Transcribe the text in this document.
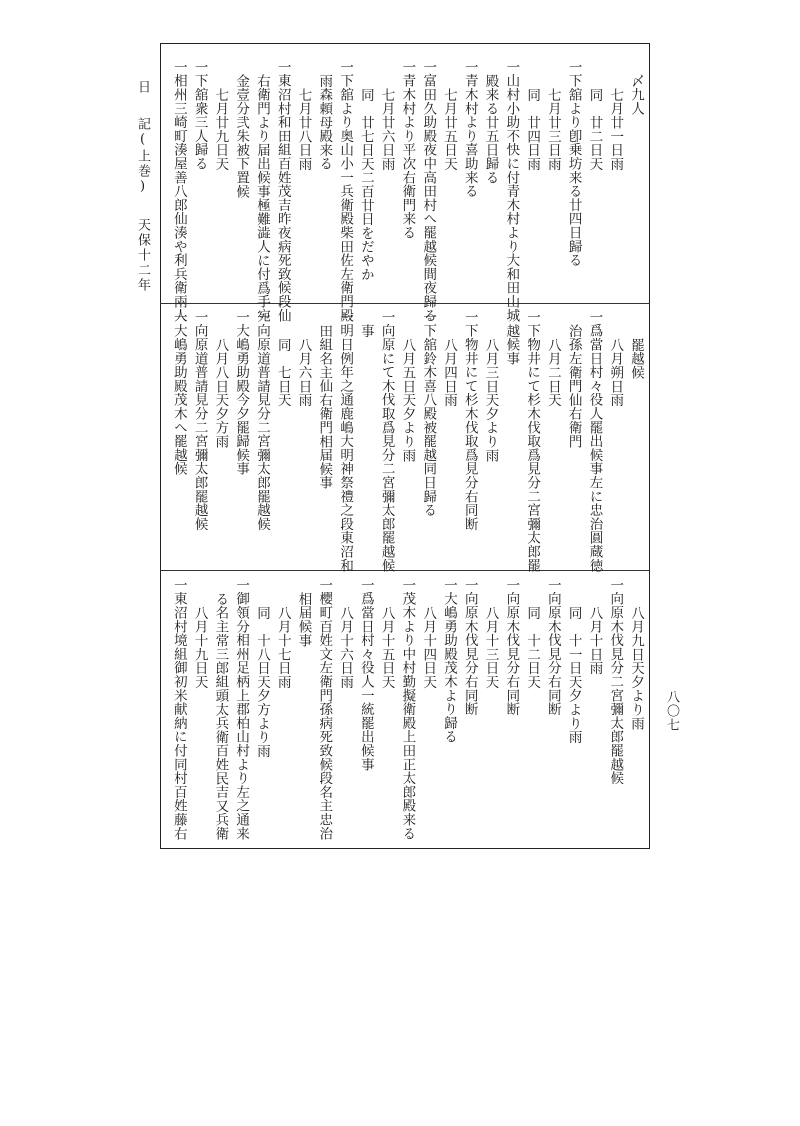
日記(上巻)天保十二年
八〇七
〆九人
七月廿一日雨
同　廿二日天
一下舘より卽乗坊来る廿四日歸る
七月廿三日雨
同　廿四日雨
一山村小助不快に付青木村より大和田山城
殿来る廿五日歸る
一青木村より喜助来る
七月廿五日天
一富田久助殿夜中高田村へ罷越候間夜歸る
一青木村より平次右衛門来る
七月廿六日雨
同　廿七日天二百廿日をだやか
一下舘より奥山小一兵衛殿柴田佐左衛門殿
雨森頼母殿来る
七月廿八日雨
一東沼村和田組百姓茂吉昨夜病死致候段仙
右衛門より届出候事極難澁人に付爲手宛
金壹分弐朱被下置候
七月廿九日天
一下舘衆三人歸る
一相州三崎町湊屋善八郎仙湊や利兵衛兩人
罷越候
八月朔日雨
一爲當日村々役人罷出候事左に忠治圓蔵徳
治孫左衛門仙右衛門
八月二日天
一下物井にて杉木伐取爲見分二宮彌太郎罷
越候事
八月三日天夕より雨
一下物井にて杉木伐取爲見分右同断
八月四日雨
一下舘鈴木喜八殿被罷越同日歸る
八月五日天夕より雨
一向原にて木伐取爲見分二宮彌太郎罷越候
事
一明日例年之通鹿嶋大明神祭禮之段東沼和
田組名主仙右衛門相届候事
八月六日雨
同　七日天
一向原道普請見分二宮彌太郎罷越候
一大嶋勇助殿今夕罷歸候事
八月八日天夕方雨
一向原道普請見分二宮彌太郎罷越候
一大嶋勇助殿茂木へ罷越候
八月九日天夕より雨
一向原木伐見分二宮彌太郎罷越候
八月十日雨
同　十一日天夕より雨
一向原木伐見分右同断
同　十二日天
一向原木伐見分右同断
八月十三日天
一向原木伐見分右同断
一大嶋勇助殿茂木より歸る
八月十四日天
一茂木より中村勤擬衛殿上田正太郎殿来る
八月十五日天
一爲當日村々役人一統罷出候事
八月十六日雨
一櫻町百姓文左衛門孫病死致候段名主忠治
相届候事
八月十七日雨
同　十八日天夕方より雨
一御領分相州足柄上郡柏山村より左之通来
る名主常三郎組頭太兵衛百姓民吉又兵衛
八月十九日天
一東沼村境組御初米献納に付同村百姓藤右
